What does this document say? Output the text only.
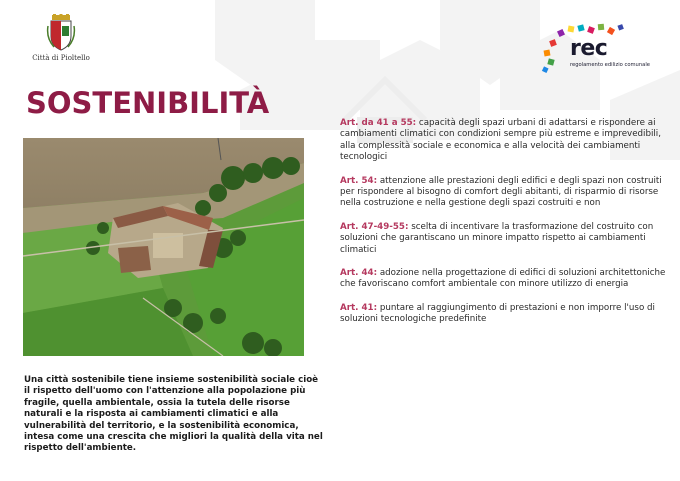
Città di Pioltello	rec
regolamento edilizio comunale
SOSTENIBILITÀ
Una città sostenibile tiene insieme sostenibilità sociale cioè il rispetto dell'uomo con l'attenzione alla popolazione più fragile, quella ambientale, ossia la tutela delle risorse naturali e la risposta ai cambiamenti climatici e alla vulnerabilità del territorio, e la sostenibilità economica, intesa come una crescita che migliori la qualità della vita nel rispetto dell'ambiente.

Art. da 41 a 55: capacità degli spazi urbani di adattarsi e rispondere ai cambiamenti climatici con condizioni sempre più estreme e imprevedibili, alla complessità sociale e economica e alla velocità dei cambiamenti tecnologici

Art. 54: attenzione alle prestazioni degli edifici e degli spazi non costruiti per rispondere al bisogno di comfort degli abitanti, di risparmio di risorse nella costruzione e nella gestione degli spazi costruiti e non

Art. 47-49-55: scelta di incentivare la trasformazione del costruito con soluzioni che garantiscano un minore impatto rispetto ai cambiamenti climatici

Art. 44: adozione nella progettazione di edifici di soluzioni architettoniche che favoriscano comfort ambientale con minore utilizzo di energia

Art. 41: puntare al raggiungimento di prestazioni e non imporre l'uso di soluzioni tecnologiche predefinite
